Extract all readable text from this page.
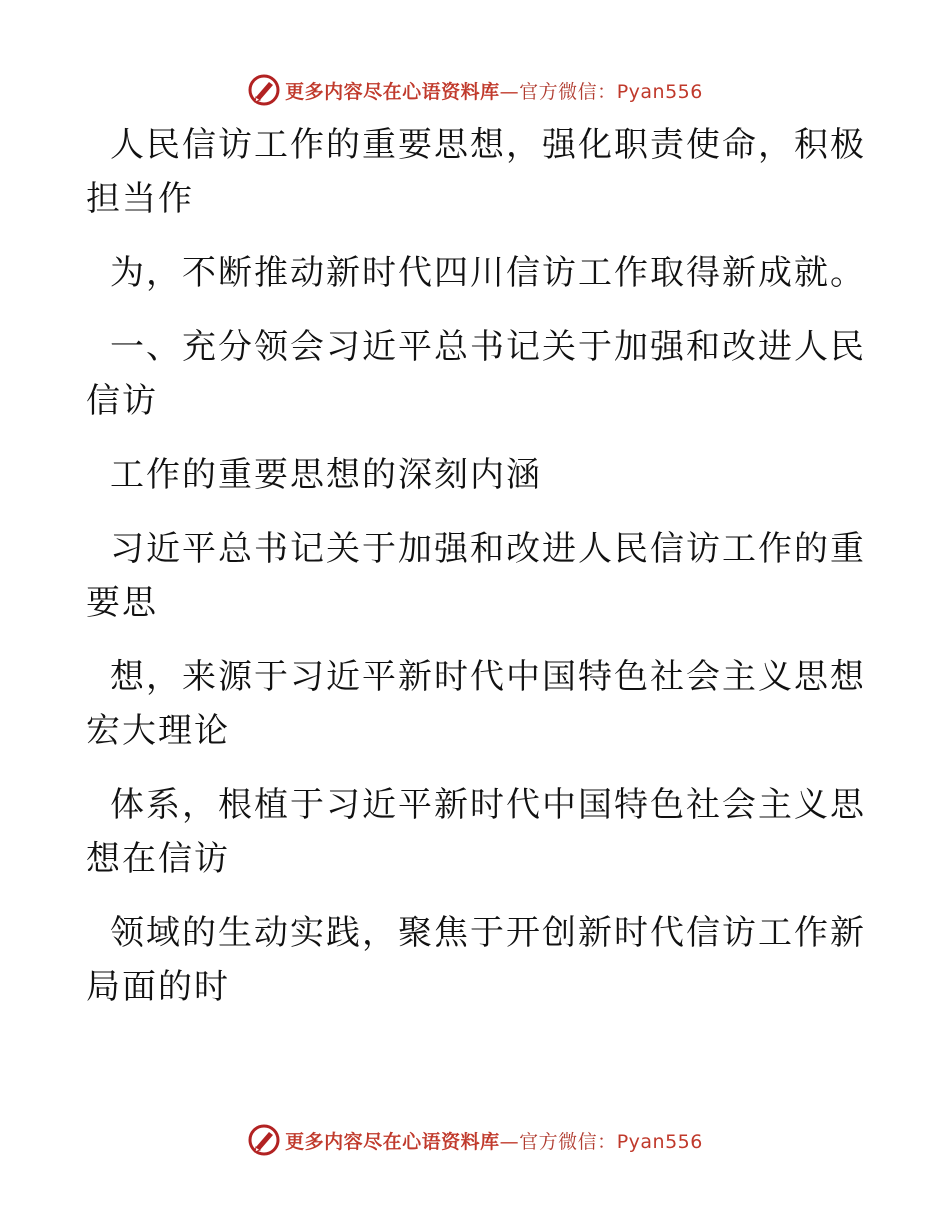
更多内容尽在心语资料库—官方微信：Pyan556

人民信访工作的重要思想，强化职责使命，积极
担当作

为，不断推动新时代四川信访工作取得新成就。

一、充分领会习近平总书记关于加强和改进人民
信访

工作的重要思想的深刻内涵

习近平总书记关于加强和改进人民信访工作的重
要思

想，来源于习近平新时代中国特色社会主义思想
宏大理论

体系，根植于习近平新时代中国特色社会主义思
想在信访

领域的生动实践，聚焦于开创新时代信访工作新
局面的时

更多内容尽在心语资料库—官方微信：Pyan556
